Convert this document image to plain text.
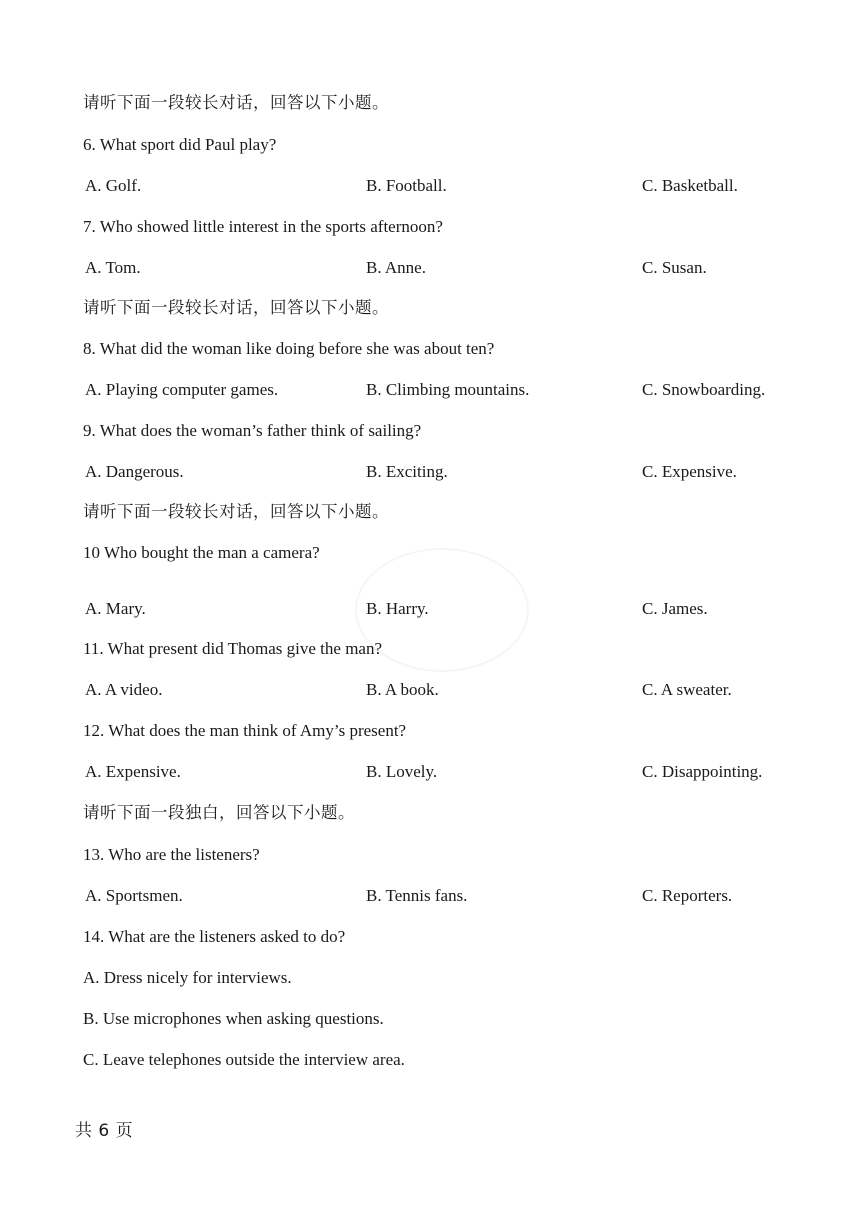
请听下面一段较长对话，回答以下小题。
6. What sport did Paul play?
A. Golf.	B. Football.	C. Basketball.
7. Who showed little interest in the sports afternoon?
A. Tom.	B. Anne.	C. Susan.
请听下面一段较长对话，回答以下小题。
8. What did the woman like doing before she was about ten?
A. Playing computer games.	B. Climbing mountains.	C. Snowboarding.
9. What does the woman’s father think of sailing?
A. Dangerous.	B. Exciting.	C. Expensive.
请听下面一段较长对话，回答以下小题。
10 Who bought the man a camera?
A. Mary.	B. Harry.	C. James.
11. What present did Thomas give the man?
A. A video.	B. A book.	C. A sweater.
12. What does the man think of Amy’s present?
A. Expensive.	B. Lovely.	C. Disappointing.
请听下面一段独白，回答以下小题。
13. Who are the listeners?
A. Sportsmen.	B. Tennis fans.	C. Reporters.
14. What are the listeners asked to do?
A. Dress nicely for interviews.
B. Use microphones when asking questions.
C. Leave telephones outside the interview area.
共 6 页
